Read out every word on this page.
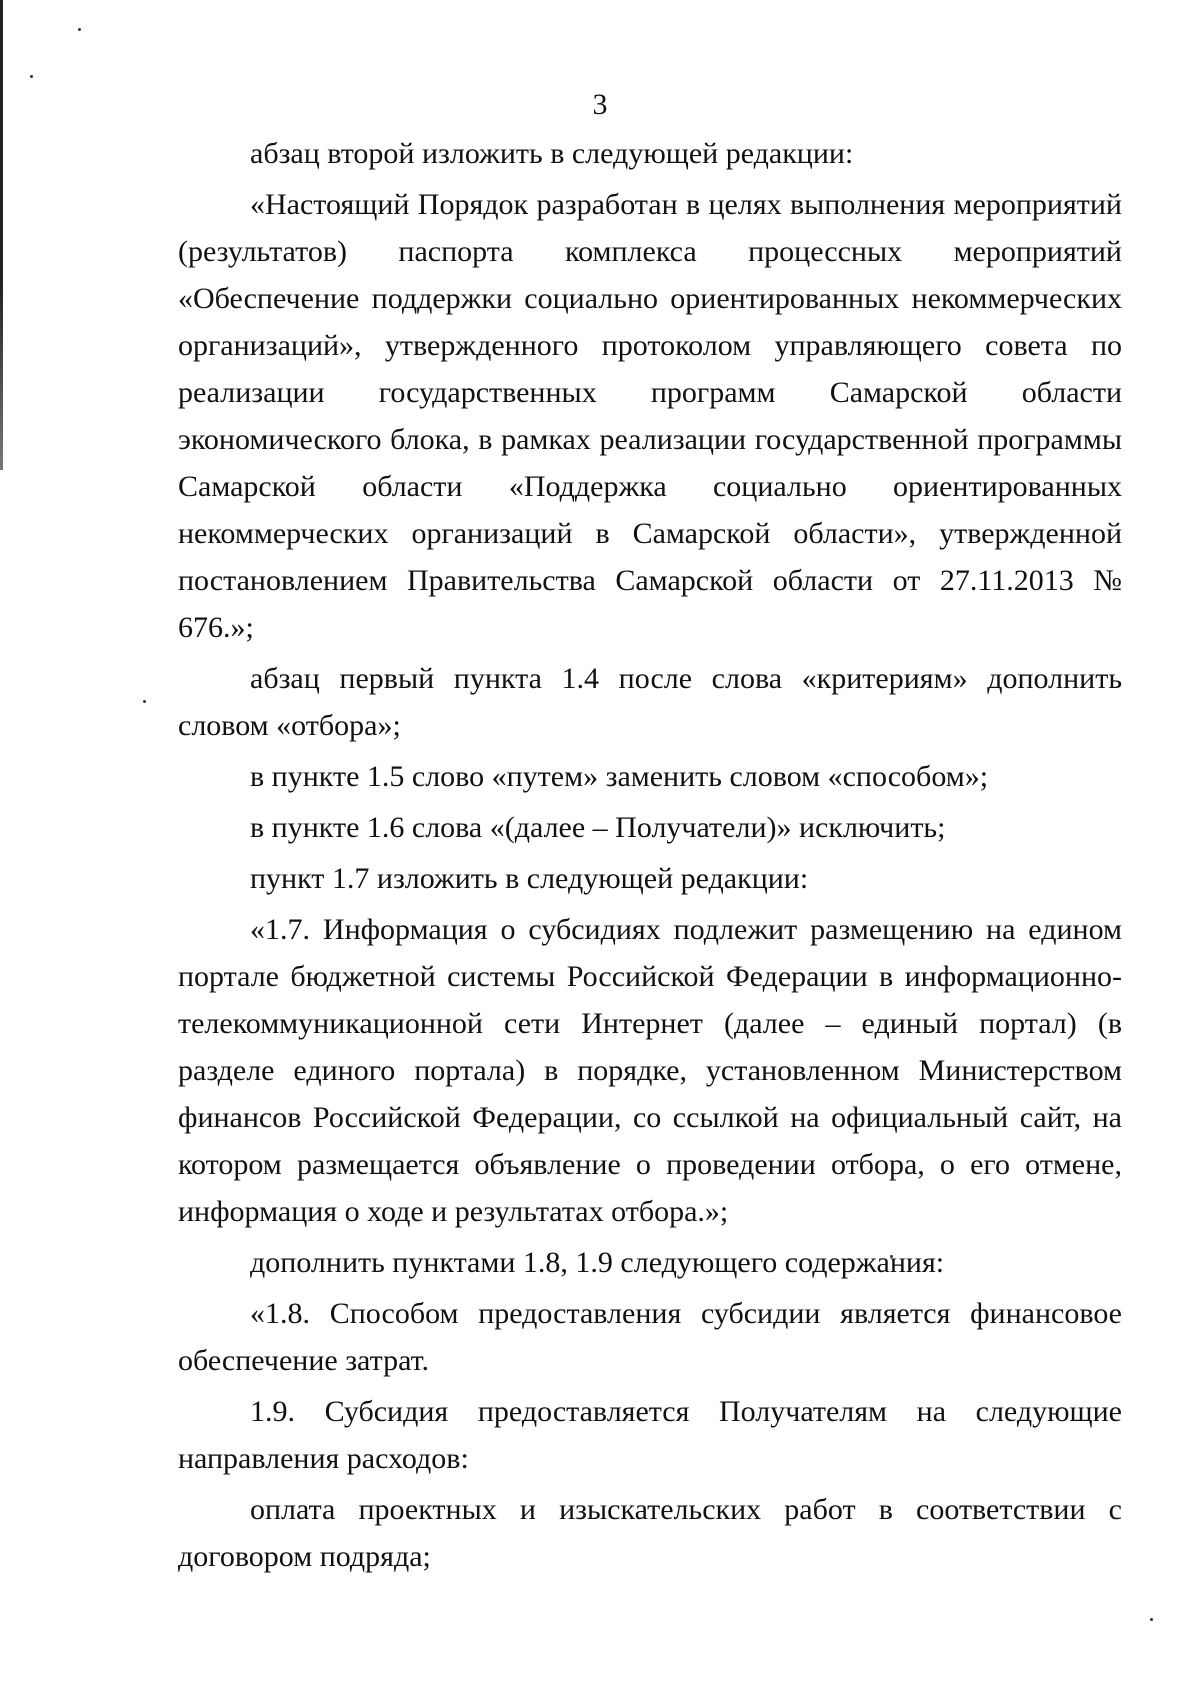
3

абзац второй изложить в следующей редакции:

«Настоящий Порядок разработан в целях выполнения мероприятий (результатов) паспорта комплекса процессных мероприятий «Обеспечение поддержки социально ориентированных некоммерческих организаций», утвержденного протоколом управляющего совета по реализации государственных программ Самарской области экономического блока, в рамках реализации государственной программы Самарской области «Поддержка социально ориентированных некоммерческих организаций в Самарской области», утвержденной постановлением Правительства Самарской области от 27.11.2013 № 676.»;

абзац первый пункта 1.4 после слова «критериям» дополнить словом «отбора»;

в пункте 1.5 слово «путем» заменить словом «способом»;

в пункте 1.6 слова «(далее – Получатели)» исключить;

пункт 1.7 изложить в следующей редакции:

«1.7. Информация о субсидиях подлежит размещению на едином портале бюджетной системы Российской Федерации в информационно-телекоммуникационной сети Интернет (далее – единый портал) (в разделе единого портала) в порядке, установленном Министерством финансов Российской Федерации, со ссылкой на официальный сайт, на котором размещается объявление о проведении отбора, о его отмене, информация о ходе и результатах отбора.»;

дополнить пунктами 1.8, 1.9 следующего содержания:

«1.8. Способом предоставления субсидии является финансовое обеспечение затрат.

1.9. Субсидия предоставляется Получателям на следующие направления расходов:

оплата проектных и изыскательских работ в соответствии с договором подряда;
